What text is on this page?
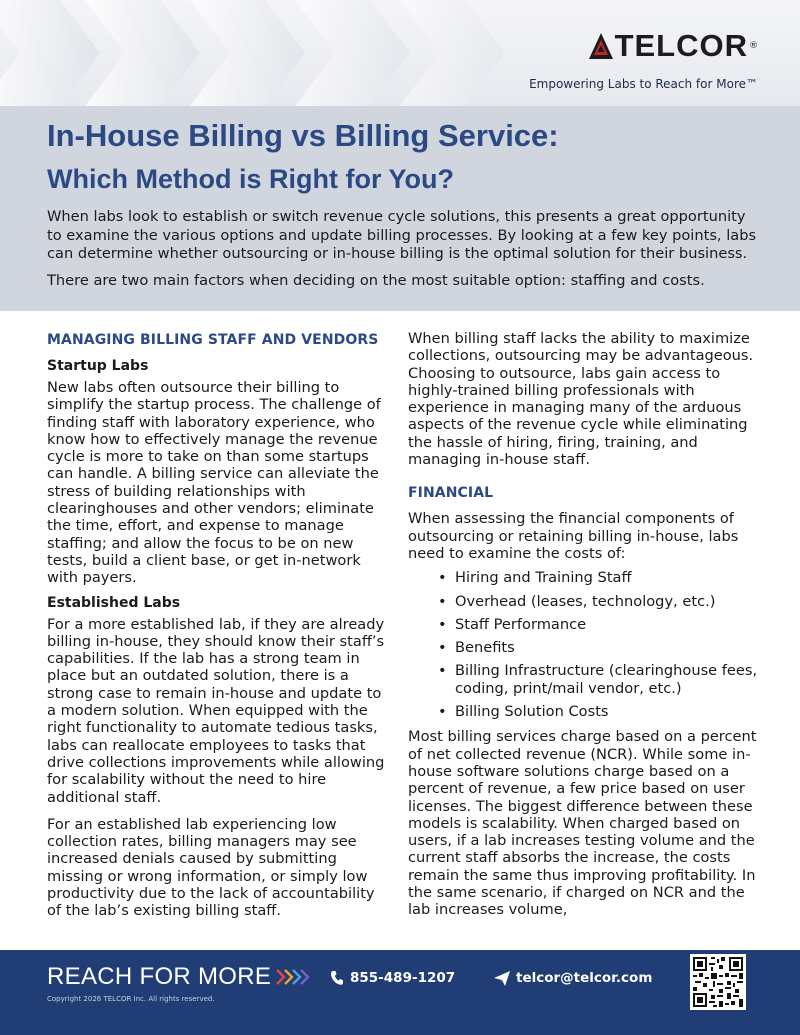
TELCOR ®
Empowering Labs to Reach for More™
In-House Billing vs Billing Service:
Which Method is Right for You?

When labs look to establish or switch revenue cycle solutions, this presents a great opportunity to examine the various options and update billing processes. By looking at a few key points, labs can determine whether outsourcing or in-house billing is the optimal solution for their business.

There are two main factors when deciding on the most suitable option: staffing and costs.

MANAGING BILLING STAFF AND VENDORS
Startup Labs

New labs often outsource their billing to simplify the startup process. The challenge of finding staff with laboratory experience, who know how to effectively manage the revenue cycle is more to take on than some startups can handle. A billing service can alleviate the stress of building relationships with clearinghouses and other vendors; eliminate the time, effort, and expense to manage staffing; and allow the focus to be on new tests, build a client base, or get in-network with payers.

Established Labs

For a more established lab, if they are already billing in-house, they should know their staff’s capabilities. If the lab has a strong team in place but an outdated solution, there is a strong case to remain in-house and update to a modern solution. When equipped with the right functionality to automate tedious tasks, labs can reallocate employees to tasks that drive collections improvements while allowing for scalability without the need to hire additional staff.

For an established lab experiencing low collection rates, billing managers may see increased denials caused by submitting missing or wrong information, or simply low productivity due to the lack of accountability of the lab’s existing billing staff.

When billing staff lacks the ability to maximize collections, outsourcing may be advantageous. Choosing to outsource, labs gain access to highly-trained billing professionals with experience in managing many of the arduous aspects of the revenue cycle while eliminating the hassle of hiring, firing, training, and managing in-house staff.

FINANCIAL

When assessing the financial components of outsourcing or retaining billing in-house, labs need to examine the costs of:

• Hiring and Training Staff
• Overhead (leases, technology, etc.)
• Staff Performance
• Benefits
• Billing Infrastructure (clearinghouse fees, coding, print/mail vendor, etc.)
• Billing Solution Costs

Most billing services charge based on a percent of net collected revenue (NCR). While some in-house software solutions charge based on a percent of revenue, a few price based on user licenses. The biggest difference between these models is scalability. When charged based on users, if a lab increases testing volume and the current staff absorbs the increase, the costs remain the same thus improving profitability. In the same scenario, if charged on NCR and the lab increases volume,

REACH FOR MORE
Copyright 2026 TELCOR Inc. All rights reserved.
855-489-1207	telcor@telcor.com
